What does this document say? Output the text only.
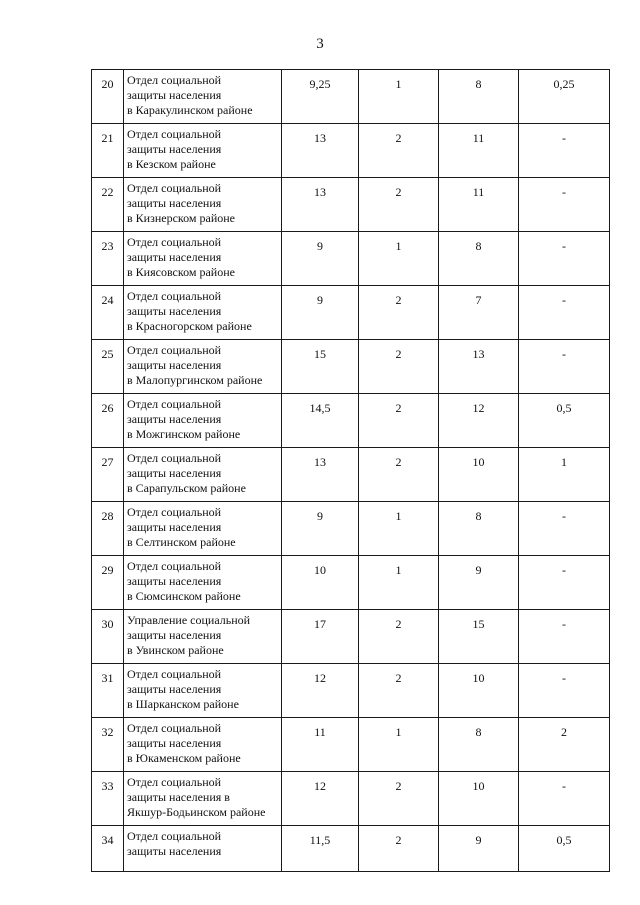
3
20	Отдел социальной
защиты населения
в Каракулинском районе	9,25	1	8	0,25
21	Отдел социальной
защиты населения
в Кезском районе	13	2	11	-
22	Отдел социальной
защиты населения
в Кизнерском районе	13	2	11	-
23	Отдел социальной
защиты населения
в Киясовском районе	9	1	8	-
24	Отдел социальной
защиты населения
в Красногорском районе	9	2	7	-
25	Отдел социальной
защиты населения
в Малопургинском районе	15	2	13	-
26	Отдел социальной
защиты населения
в Можгинском районе	14,5	2	12	0,5
27	Отдел социальной
защиты населения
в Сарапульском районе	13	2	10	1
28	Отдел социальной
защиты населения
в Селтинском районе	9	1	8	-
29	Отдел социальной
защиты населения
в Сюмсинском районе	10	1	9	-
30	Управление социальной
защиты населения
в Увинском районе	17	2	15	-
31	Отдел социальной
защиты населения
в Шарканском районе	12	2	10	-
32	Отдел социальной
защиты населения
в Юкаменском районе	11	1	8	2
33	Отдел социальной
защиты населения в
Якшур-Бодьинском районе	12	2	10	-
34	Отдел социальной
защиты населения	11,5	2	9	0,5
